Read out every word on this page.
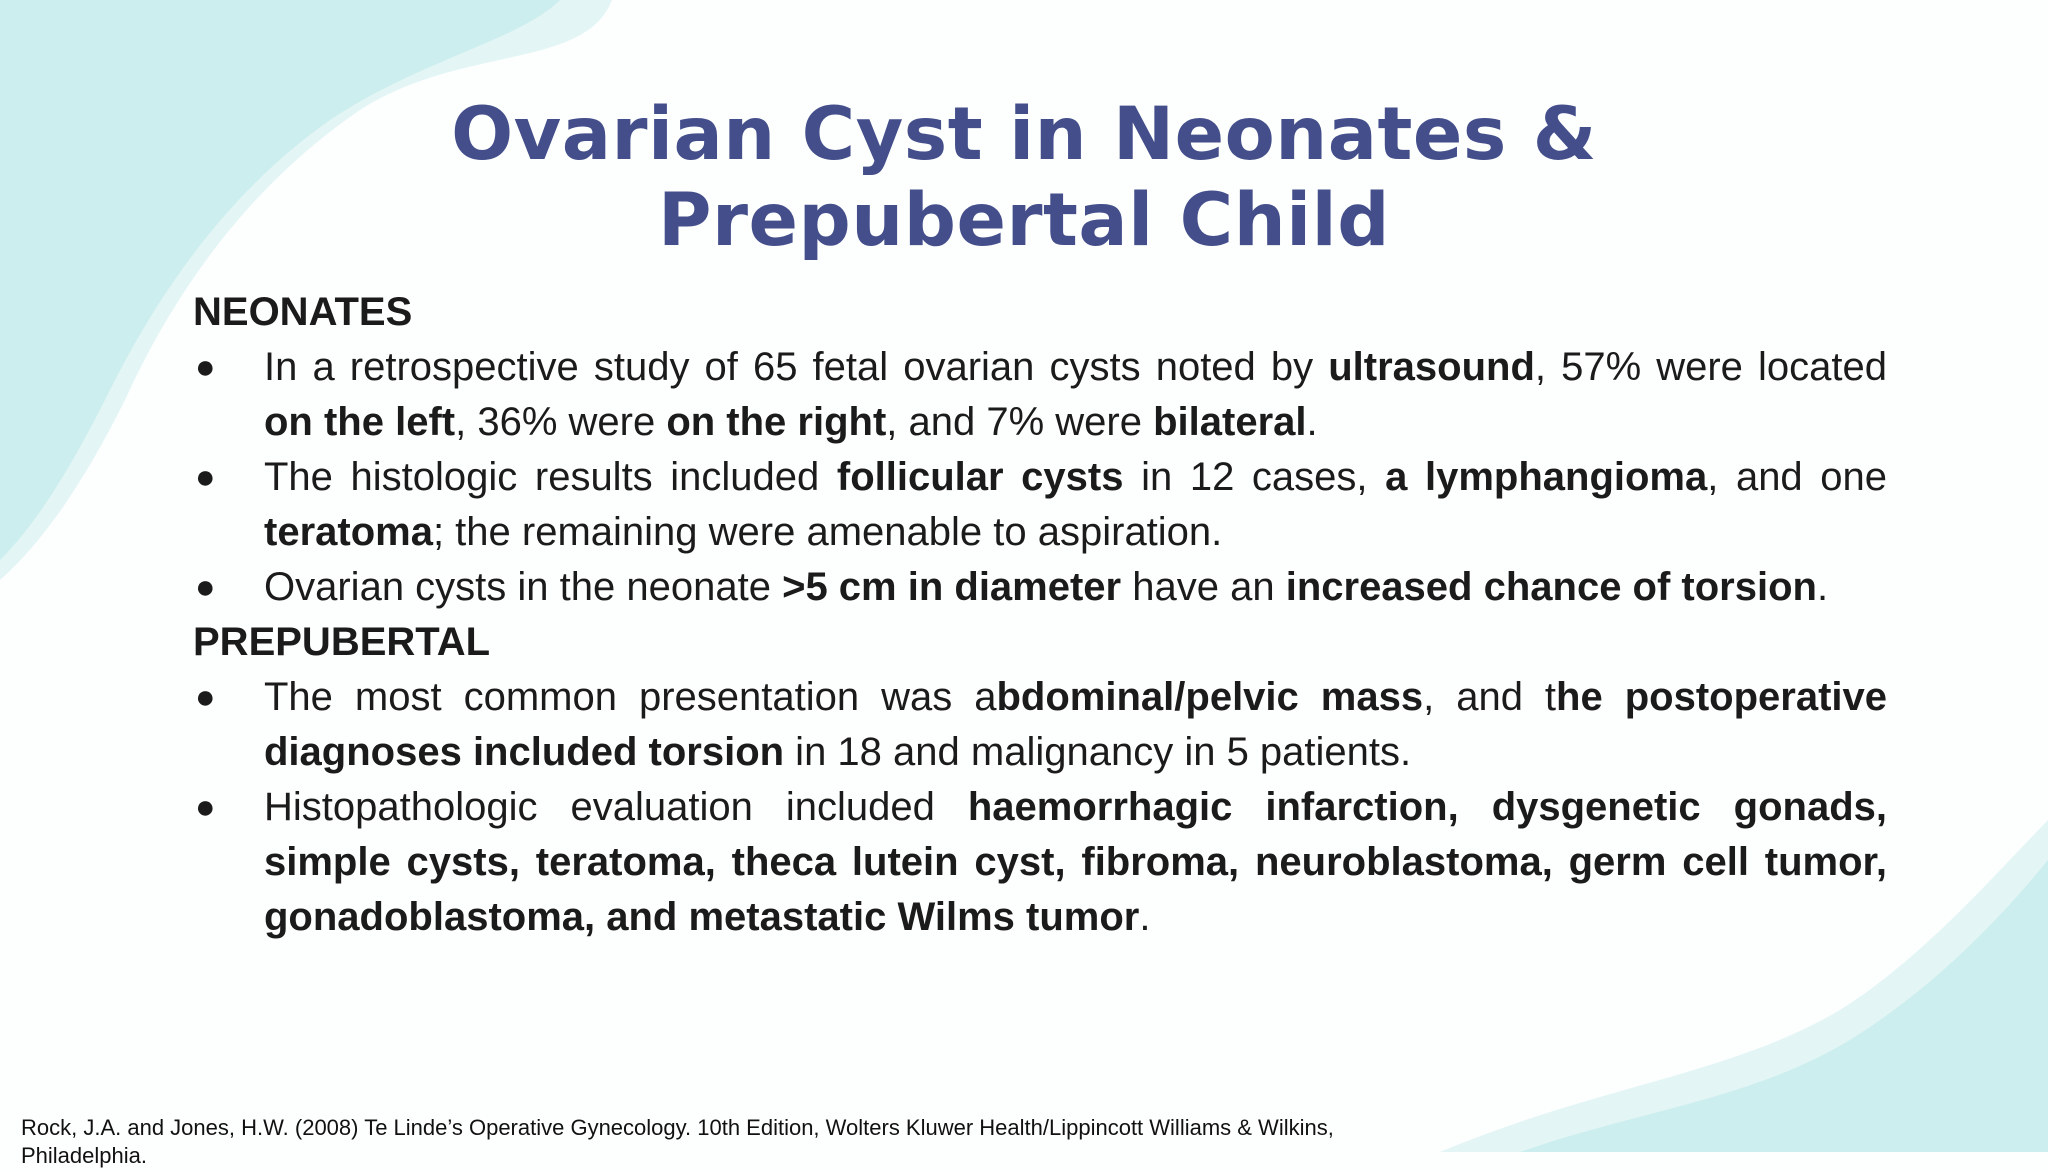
Ovarian Cyst in Neonates & Prepubertal Child
NEONATES
● In a retrospective study of 65 fetal ovarian cysts noted by ultrasound, 57% were located on the left, 36% were on the right, and 7% were bilateral.
● The histologic results included follicular cysts in 12 cases, a lymphangioma, and one teratoma; the remaining were amenable to aspiration.
● Ovarian cysts in the neonate >5 cm in diameter have an increased chance of torsion.
PREPUBERTAL
● The most common presentation was abdominal/pelvic mass, and the postoperative diagnoses included torsion in 18 and malignancy in 5 patients.
● Histopathologic evaluation included haemorrhagic infarction, dysgenetic gonads, simple cysts, teratoma, theca lutein cyst, fibroma, neuroblastoma, germ cell tumor, gonadoblastoma, and metastatic Wilms tumor.

Rock, J.A. and Jones, H.W. (2008) Te Linde’s Operative Gynecology. 10th Edition, Wolters Kluwer Health/Lippincott Williams & Wilkins, Philadelphia.
